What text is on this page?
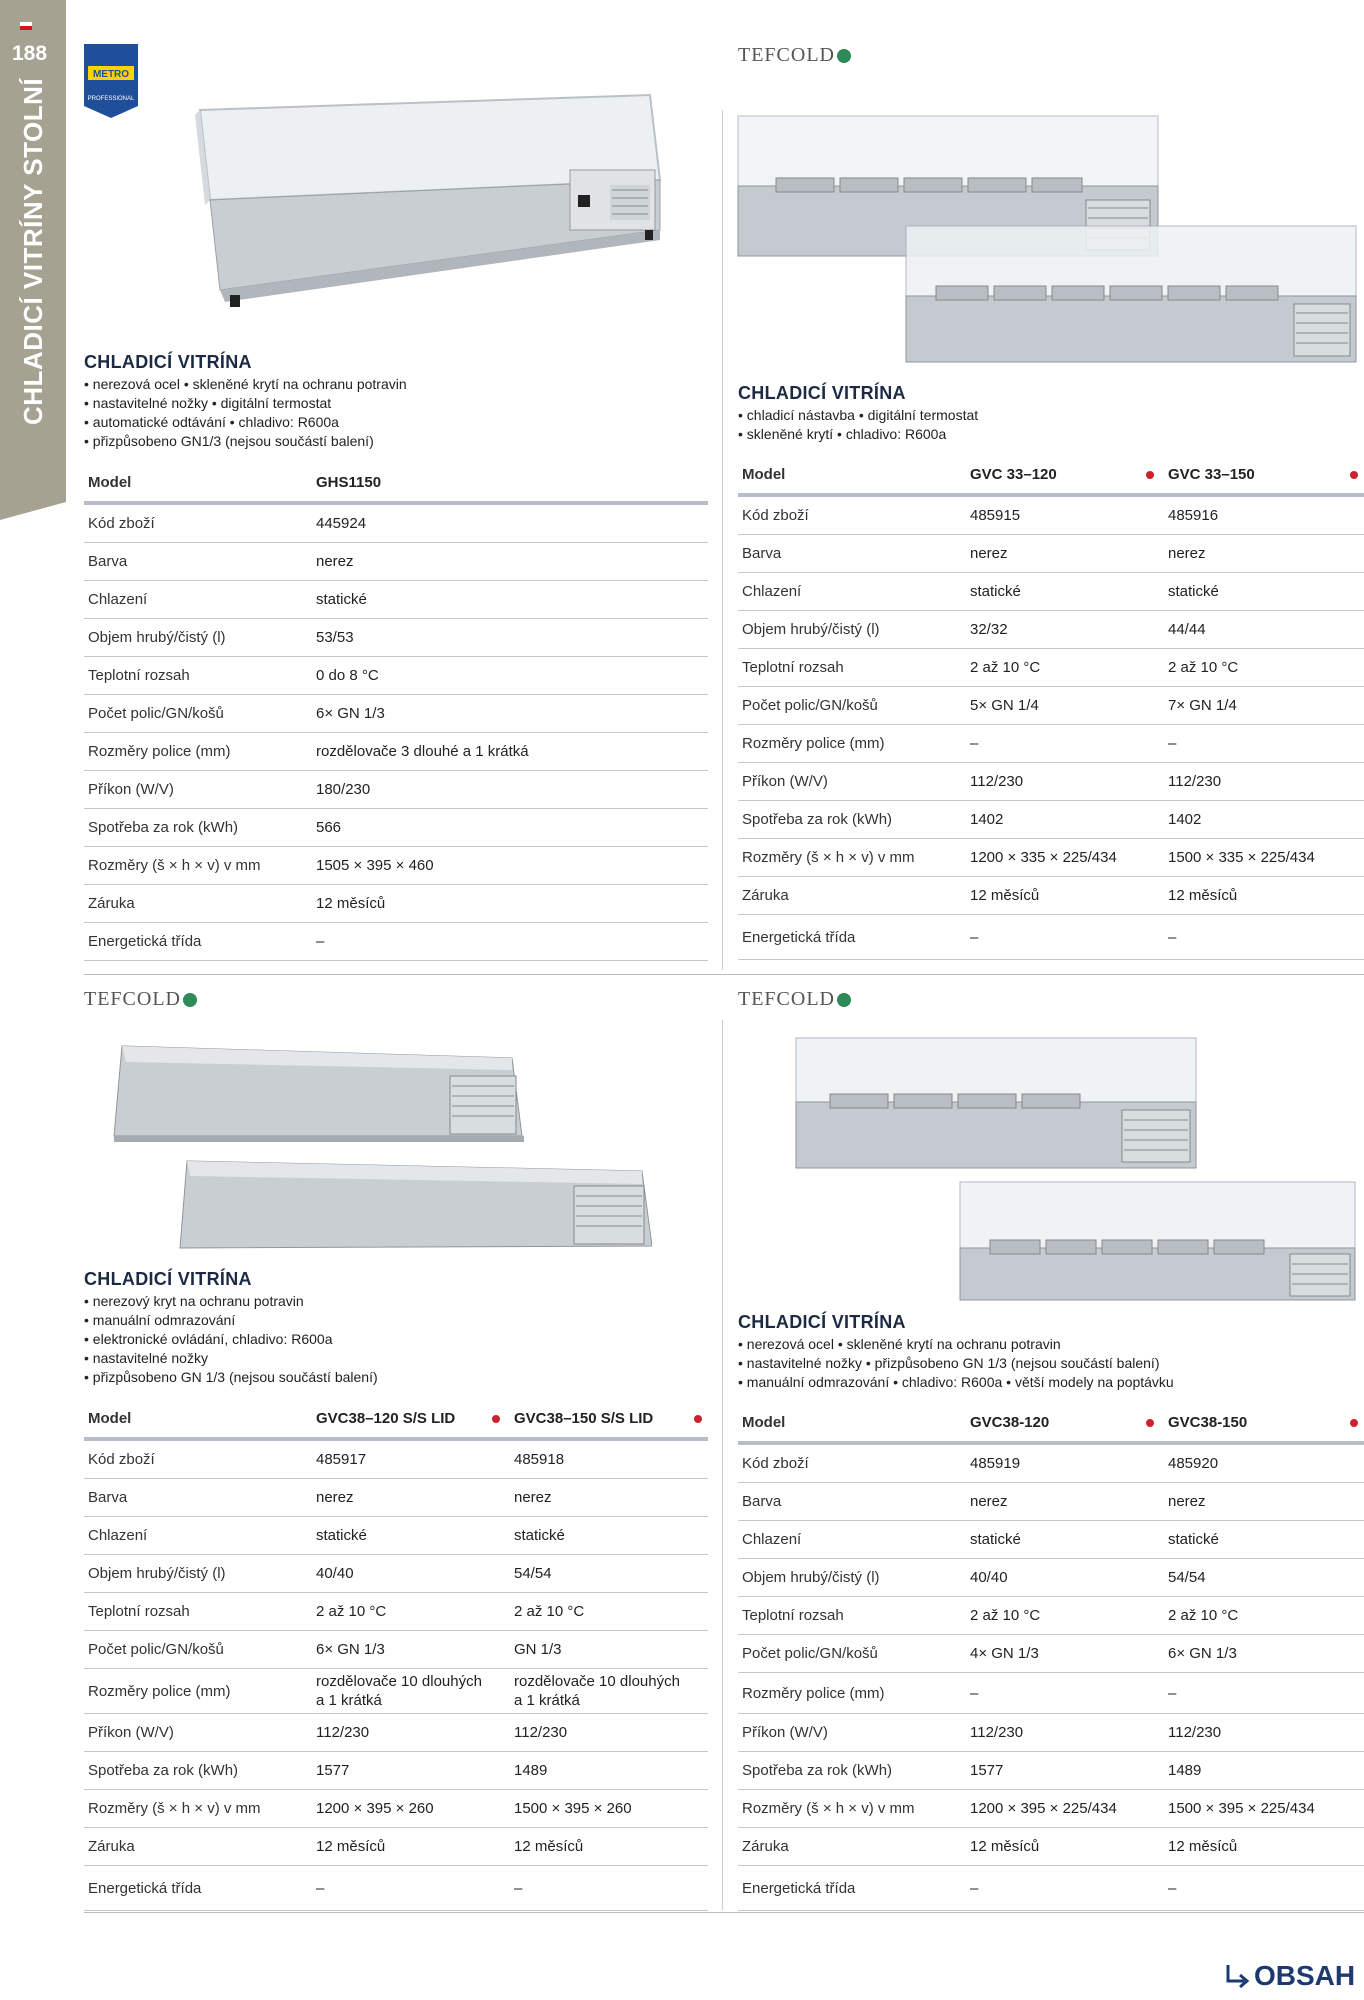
188
CHLADICÍ VITRÍNY STOLNÍ
METRO
PROFESSIONAL
CHLADICÍ VITRÍNA
• nerezová ocel • skleněné krytí na ochranu potravin
• nastavitelné nožky • digitální termostat
• automatické odtávání • chladivo: R600a
• přizpůsobeno GN1/3 (nejsou součástí balení)
Model	GHS1150
Kód zboží	445924
Barva	nerez
Chlazení	statické
Objem hrubý/čistý (l)	53/53
Teplotní rozsah	0 do 8 °C
Počet polic/GN/košů	6× GN 1/3
Rozměry police (mm)	rozdělovače 3 dlouhé a 1 krátká
Příkon (W/V)	180/230
Spotřeba za rok (kWh)	566
Rozměry (š × h × v) v mm	1505 × 395 × 460
Záruka	12 měsíců
Energetická třída	–
TEFCOLD
CHLADICÍ VITRÍNA
• chladicí nástavba • digitální termostat
• skleněné krytí • chladivo: R600a
Model	GVC 33–120	GVC 33–150

Kód zboží	485915	485916
Barva	nerez	nerez
Chlazení	statické	statické
Objem hrubý/čistý (l)	32/32	44/44
Teplotní rozsah	2 až 10 °C	2 až 10 °C
Počet polic/GN/košů	5× GN 1/4	7× GN 1/4
Rozměry police (mm)	–	–
Příkon (W/V)	112/230	112/230
Spotřeba za rok (kWh)	1402	1402
Rozměry (š × h × v) v mm	1200 × 335 × 225/434	1500 × 335 × 225/434
Záruka	12 měsíců	12 měsíců
Energetická třída	–	–
TEFCOLD
CHLADICÍ VITRÍNA
• nerezový kryt na ochranu potravin
• manuální odmrazování
• elektronické ovládání, chladivo: R600a
• nastavitelné nožky
• přizpůsobeno GN 1/3 (nejsou součástí balení)
Model	GVC38–120 S/S LID	GVC38–150 S/S LID

Kód zboží	485917	485918
Barva	nerez	nerez
Chlazení	statické	statické
Objem hrubý/čistý (l)	40/40	54/54
Teplotní rozsah	2 až 10 °C	2 až 10 °C
Počet polic/GN/košů	6× GN 1/3	GN 1/3
Rozměry police (mm)	rozdělovače 10 dlouhých a 1 krátká	rozdělovače 10 dlouhých a 1 krátká
Příkon (W/V)	112/230	112/230
Spotřeba za rok (kWh)	1577	1489
Rozměry (š × h × v) v mm	1200 × 395 × 260	1500 × 395 × 260
Záruka	12 měsíců	12 měsíců
Energetická třída	–	–
TEFCOLD
CHLADICÍ VITRÍNA
• nerezová ocel • skleněné krytí na ochranu potravin
• nastavitelné nožky • přizpůsobeno GN 1/3 (nejsou součástí balení)
• manuální odmrazování • chladivo: R600a • větší modely na poptávku
Model	GVC38-120	GVC38-150

Kód zboží	485919	485920
Barva	nerez	nerez
Chlazení	statické	statické
Objem hrubý/čistý (l)	40/40	54/54
Teplotní rozsah	2 až 10 °C	2 až 10 °C
Počet polic/GN/košů	4× GN 1/3	6× GN 1/3
Rozměry police (mm)	–	–
Příkon (W/V)	112/230	112/230
Spotřeba za rok (kWh)	1577	1489
Rozměry (š × h × v) v mm	1200 × 395 × 225/434	1500 × 395 × 225/434
Záruka	12 měsíců	12 měsíců
Energetická třída	–	–
OBSAH
